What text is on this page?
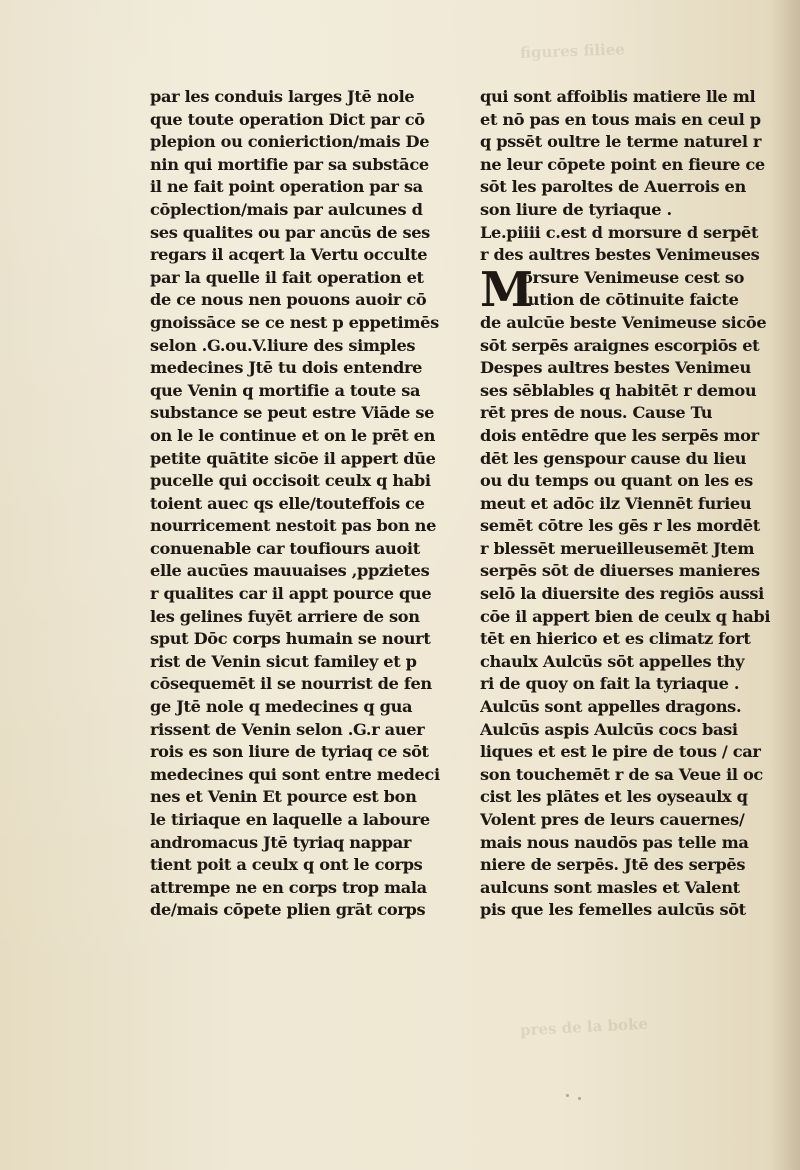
figures filiee
pres de la boke
par les conduis larges Jtē nole
que toute operation Dict par cō
plepion ou conieriction/mais De
nin qui mortifie par sa substāce
il ne fait point operation par sa
cōplection/mais par aulcunes d
ses qualites ou par ancūs de ses
regars il acqert la Vertu occulte
par la quelle il fait operation et
de ce nous nen pouons auoir cō
gnoissāce se ce nest p eppetimēs
selon .G.ou.V.liure des simples
medecines Jtē tu dois entendre
que Venin q mortifie a toute sa
substance se peut estre Viāde se
on le le continue et on le prēt en
petite quātite sicōe il appert dūe
pucelle qui occisoit ceulx q habi
toient auec qs elle/touteffois ce
nourricement nestoit pas bon ne
conuenable car toufiours auoit
elle aucūes mauuaises ,ppzietes
r qualites car il appt pource que
les gelines fuyēt arriere de son
sput Dōc corps humain se nourt
rist de Venin sicut familey et p
cōsequemēt il se nourrist de fen
ge Jtē nole q medecines q gua
rissent de Venin selon .G.r auer
rois es son liure de tyriaq ce sōt
medecines qui sont entre medeci
nes et Venin Et pource est bon
le tiriaque en laquelle a laboure
andromacus Jtē tyriaq nappar
tient poit a ceulx q ont le corps
attrempe ne en corps trop mala
de/mais cōpete plien grāt corps
qui sont affoiblis matiere lle ml
et nō pas en tous mais en ceul p
q pssēt oultre le terme naturel r
ne leur cōpete point en fieure ce
sōt les paroltes de Auerrois en
son liure de tyriaque .
Le.piiii c.est d morsure d serpēt
r des aultres bestes Venimeuses
M
orsure Venimeuse cest so
lution de cōtinuite faicte
de aulcūe beste Venimeuse sicōe
sōt serpēs araignes escorpiōs et
Despes aultres bestes Venimeu
ses sēblables q habitēt r demou
rēt pres de nous. Cause Tu
dois entēdre que les serpēs mor
dēt les genspour cause du lieu
ou du temps ou quant on les es
meut et adōc ilz Viennēt furieu
semēt cōtre les gēs r les mordēt
r blessēt merueilleusemēt Jtem
serpēs sōt de diuerses manieres
selō la diuersite des regiōs aussi
cōe il appert bien de ceulx q habi
tēt en hierico et es climatz fort
chaulx Aulcūs sōt appelles thy
ri de quoy on fait la tyriaque .
Aulcūs sont appelles dragons.
Aulcūs aspis Aulcūs cocs basi
liques et est le pire de tous / car
son touchemēt r de sa Veue il oc
cist les plātes et les oyseaulx q
Volent pres de leurs cauernes/
mais nous naudōs pas telle ma
niere de serpēs. Jtē des serpēs
aulcuns sont masles et Valent
pis que les femelles aulcūs sōt
